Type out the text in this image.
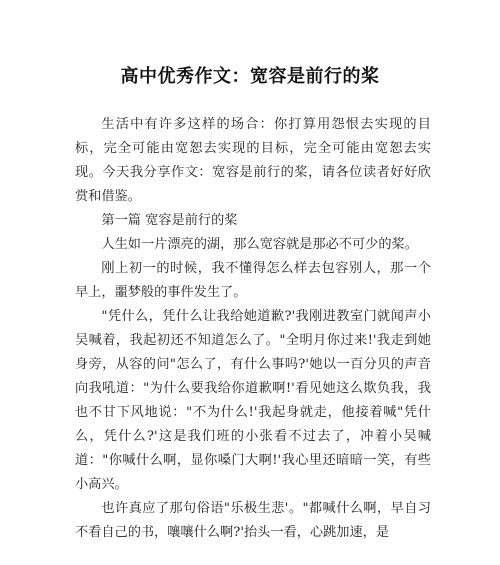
高中优秀作文：宽容是前行的桨

生活中有许多这样的场合：你打算用怨恨去实现的目标，完全可能由宽恕去实现的目标，完全可能由宽恕去实现。今天我分享作文：宽容是前行的桨，请各位读者好好欣赏和借鉴。

第一篇 宽容是前行的桨

人生如一片漂亮的湖，那么宽容就是那必不可少的桨。

刚上初一的时候，我不懂得怎么样去包容别人，那一个早上，噩梦般的事件发生了。

"凭什么，凭什么让我给她道歉?'我刚进教室门就闻声小吴喊着，我起初还不知道怎么了。"全明月你过来!'我走到她身旁，从容的问"怎么了，有什么事吗?'她以一百分贝的声音向我吼道："为什么要我给你道歉啊!'看见她这么欺负我，我也不甘下风地说："不为什么!'我起身就走，他接着喊"凭什么，凭什么?'这是我们班的小张看不过去了，冲着小吴喊道："你喊什么啊，显你嗓门大啊!'我心里还暗暗一笑，有些小高兴。

也许真应了那句俗语"乐极生悲'。"都喊什么啊，早自习不看自己的书，嚷嚷什么啊?'抬头一看，心跳加速，是
